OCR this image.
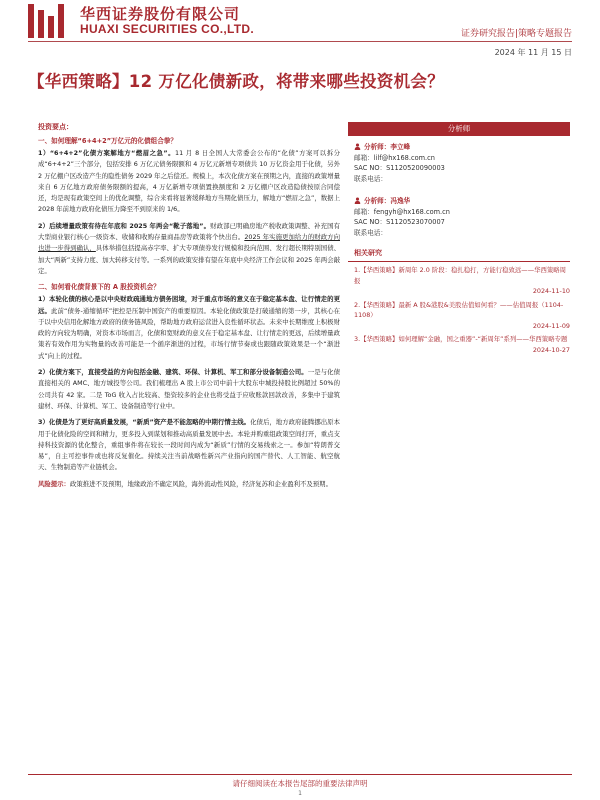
华西证券股份有限公司
HUAXI SECURITIES CO.,LTD.	证券研究报告|策略专题报告
2024 年 11 月 15 日
【华西策略】12 万亿化债新政，将带来哪些投资机会？
投资要点：
一、如何理解“6+4+2”万亿元的化债组合拳？
1）“6+4+2”化债方案解地方“燃眉之急”。11 月 8 日全国人大常委会公布的“化债”方案可以拆分成“6+4+2”三个部分，包括安排 6 万亿元债务限额和 4 万亿元新增专项债共 10 万亿资金用于化债，另外 2 万亿棚户区改造产生的隐性债务 2029 年之后偿还。规模上，本次化债方案在预期之内，直接的政策增量来自 6 万亿地方政府债务限额的提高，4 万亿新增专项债置换额度和 2 万亿棚户区改造隐债按原合同偿还，均是现有政策空间上的优化调整，综合来看将显著缓释地方当期化债压力，解地方“燃眉之急”，数据上 2028 年前地方政府化债压力降至不到原来的 1/6。
2）后续增量政策有待在年底和 2025 年两会“靴子落地”。财政部已明确房地产税收政策调整、补充国有大型商业银行核心一级资本、收储和收购存量商品房等政策将个快出台。2025 年实施更加给力的财政方向也进一步得到确认，具体举措包括提高赤字率、扩大专项债券发行规模和投向范围、发行超长期特别国债、加大“两新”支持力度、加大转移支付等。一系列的政策安排有望在年底中央经济工作会议和 2025 年两会敲定。
二、如何看化债背景下的 A 股投资机会？
1）本轮化债的核心是以中央财政疏通地方债务困境，对于重点市场的意义在于稳定基本盘、让行情走的更远。此前“债务-通缩循环”把控是压制中国资产的重要原因。本轮化债政策是打破通缩的第一步，其核心在于以中央信用化解地方政府的债务链风险，帮助地方政府运营进入良性循环状态。未来中长期维度上积极财政的方向较为明确，对资本市场而言，化债和宽财政的意义在于稳定基本盘、让行情走的更远，后续增量政策若有效作用为实物量的改善可能是一个循序渐进的过程，市场行情节奏或也跟随政策效果是一个“渐进式”向上的过程。
2）化债方案下，直接受益的方向包括金融、建筑、环保、计算机、军工和部分设备制造公司。一是与化债直接相关的 AMC、地方城投等公司。我们梳理出 A 股上市公司中前十大股东中城投持股比例超过 50%的公司共有 42 家。二是 ToG 收入占比较高、垫资较多的企业也将受益于应收账款回款改善，多集中于建筑建材、环保、计算机、军工、设备制造等行业中。
3）化债是为了更好高质量发展，“新质”资产是不能忽略的中期行情主线。化债后，地方政府能腾挪出原本用于化债化险的空间和精力，更多投入到谋划和推动高质量发展中去。本轮并购重组政策空间打开，重点支持科技资源的优化整合，重组事件将在较长一段时间内成为“新质”行情的交易线索之一。参加“特朗普交易”，自主可控事件或也将反复催化。持续关注当前战略性新兴产业指向的国产替代、人工智能、航空航天、生物制造等产业链机会。
风险提示：政策推进不及预期，地缘政治不确定风险，海外流动性风险，经济复苏和企业盈利不及预期。
分析师
分析师：李立峰
邮箱：lilf@hx168.com.cn
SAC NO：S1120520090003
联系电话：
分析师：冯逸华
邮箱：fengyh@hx168.com.cn
SAC NO：S1120523070007
联系电话：
相关研究
1.【华西策略】新周年 2.0 阶段：稳扎稳打，方能行稳致远——华西策略周报
2024-11-10
2.【华西策略】最新 A 股&港股&美股估值如何看？——估值周报（1104-1108）
2024-11-09
3.【华西策略】如何理解“金融，国之重器”-“新周年”系列——华西策略专题
2024-10-27
请仔细阅读在本报告尾部的重要法律声明
1
